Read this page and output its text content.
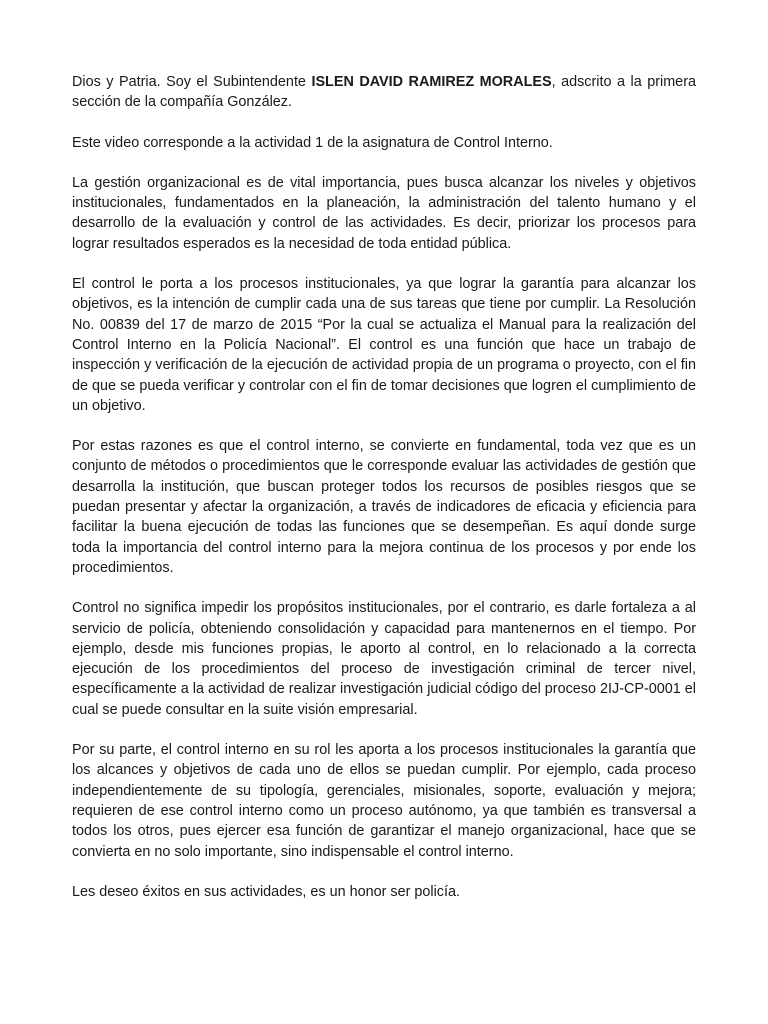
Dios y Patria. Soy el Subintendente ISLEN DAVID RAMIREZ MORALES, adscrito a la primera sección de la compañía González.

Este video corresponde a la actividad 1 de la asignatura de Control Interno.

La gestión organizacional es de vital importancia, pues busca alcanzar los niveles y objetivos institucionales, fundamentados en la planeación, la administración del talento humano y el desarrollo de la evaluación y control de las actividades. Es decir, priorizar los procesos para lograr resultados esperados es la necesidad de toda entidad pública.

El control le porta a los procesos institucionales, ya que lograr la garantía para alcanzar los objetivos, es la intención de cumplir cada una de sus tareas que tiene por cumplir. La Resolución No. 00839 del 17 de marzo de 2015 “Por la cual se actualiza el Manual para la realización del Control Interno en la Policía Nacional”. El control es una función que hace un trabajo de inspección y verificación de la ejecución de actividad propia de un programa o proyecto, con el fin de que se pueda verificar y controlar con el fin de tomar decisiones que logren el cumplimiento de un objetivo.

Por estas razones es que el control interno, se convierte en fundamental, toda vez que es un conjunto de métodos o procedimientos que le corresponde evaluar las actividades de gestión que desarrolla la institución, que buscan proteger todos los recursos de posibles riesgos que se puedan presentar y afectar la organización, a través de indicadores de eficacia y eficiencia para facilitar la buena ejecución de todas las funciones que se desempeñan. Es aquí donde surge toda la importancia del control interno para la mejora continua de los procesos y por ende los procedimientos.

Control no significa impedir los propósitos institucionales, por el contrario, es darle fortaleza a al servicio de policía, obteniendo consolidación y capacidad para mantenernos en el tiempo. Por ejemplo, desde mis funciones propias, le aporto al control, en lo relacionado a la correcta ejecución de los procedimientos del proceso de investigación criminal de tercer nivel, específicamente a la actividad de realizar investigación judicial código del proceso 2IJ-CP-0001 el cual se puede consultar en la suite visión empresarial.

Por su parte, el control interno en su rol les aporta a los procesos institucionales la garantía que los alcances y objetivos de cada uno de ellos se puedan cumplir. Por ejemplo, cada proceso independientemente de su tipología, gerenciales, misionales, soporte, evaluación y mejora; requieren de ese control interno como un proceso autónomo, ya que también es transversal a todos los otros, pues ejercer esa función de garantizar el manejo organizacional, hace que se convierta en no solo importante, sino indispensable el control interno.

Les deseo éxitos en sus actividades, es un honor ser policía.
